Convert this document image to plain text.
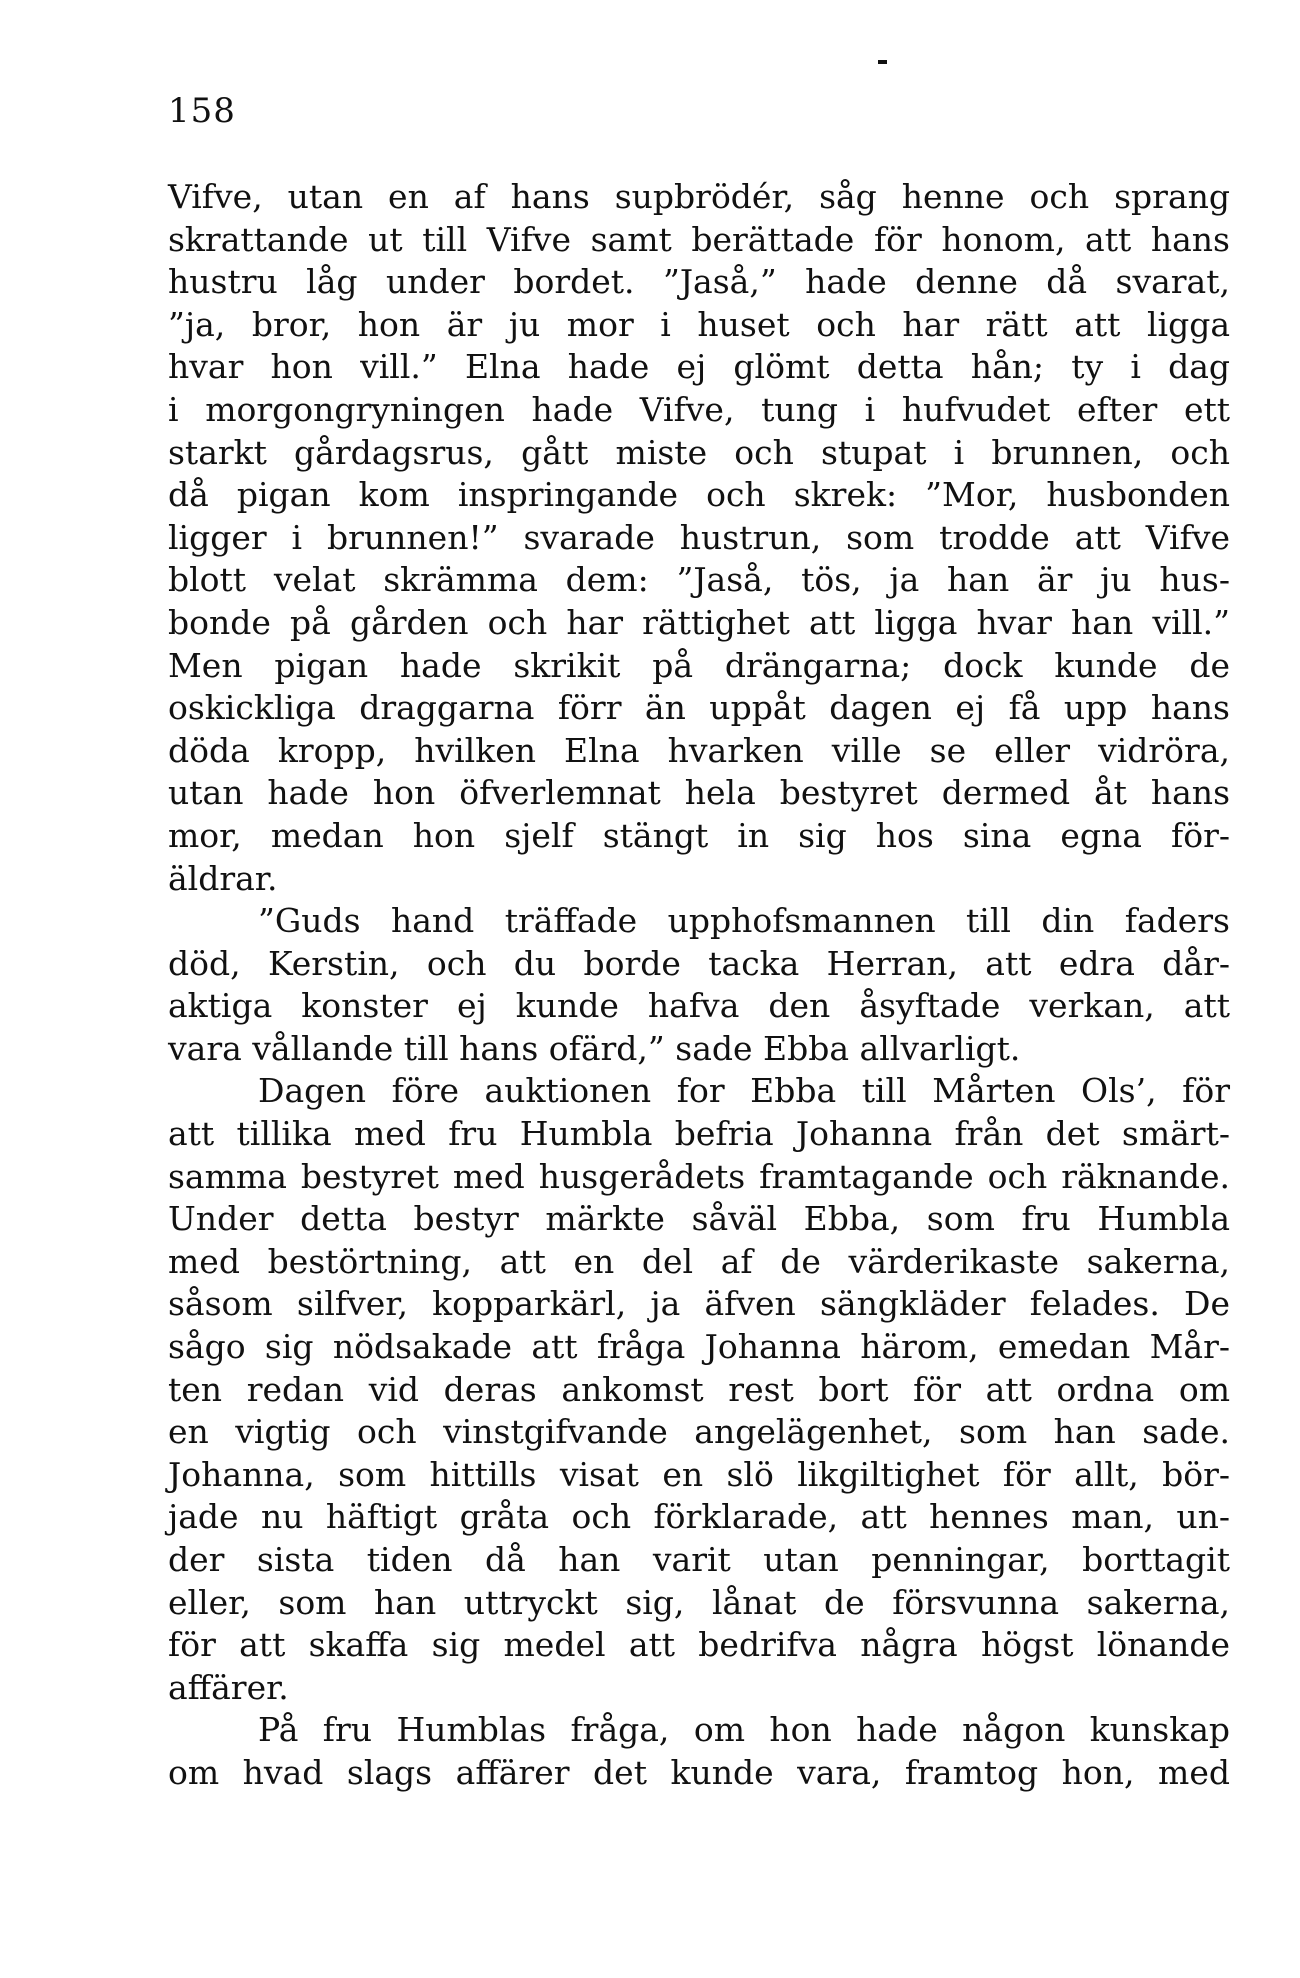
158
Vifve, utan en af hans supbrödér, såg henne och sprang
skrattande ut till Vifve samt berättade för honom, att hans
hustru låg under bordet. ”Jaså,” hade denne då svarat,
”ja, bror, hon är ju mor i huset och har rätt att ligga
hvar hon vill.” Elna hade ej glömt detta hån; ty i dag
i morgongryningen hade Vifve, tung i hufvudet efter ett
starkt gårdagsrus, gått miste och stupat i brunnen, och
då pigan kom inspringande och skrek: ”Mor, husbonden
ligger i brunnen!” svarade hustrun, som trodde att Vifve
blott velat skrämma dem: ”Jaså, tös, ja han är ju hus-
bonde på gården och har rättighet att ligga hvar han vill.”
Men pigan hade skrikit på drängarna; dock kunde de
oskickliga draggarna förr än uppåt dagen ej få upp hans
döda kropp, hvilken Elna hvarken ville se eller vidröra,
utan hade hon öfverlemnat hela bestyret dermed åt hans
mor, medan hon sjelf stängt in sig hos sina egna för-
äldrar.
”Guds hand träffade upphofsmannen till din faders
död, Kerstin, och du borde tacka Herran, att edra dår-
aktiga konster ej kunde hafva den åsyftade verkan, att
vara vållande till hans ofärd,” sade Ebba allvarligt.
Dagen före auktionen for Ebba till Mårten Ols’, för
att tillika med fru Humbla befria Johanna från det smärt-
samma bestyret med husgerådets framtagande och räknande.
Under detta bestyr märkte såväl Ebba, som fru Humbla
med bestörtning, att en del af de värderikaste sakerna,
såsom silfver, kopparkärl, ja äfven sängkläder felades. De
sågo sig nödsakade att fråga Johanna härom, emedan Mår-
ten redan vid deras ankomst rest bort för att ordna om
en vigtig och vinstgifvande angelägenhet, som han sade.
Johanna, som hittills visat en slö likgiltighet för allt, bör-
jade nu häftigt gråta och förklarade, att hennes man, un-
der sista tiden då han varit utan penningar, borttagit
eller, som han uttryckt sig, lånat de försvunna sakerna,
för att skaffa sig medel att bedrifva några högst lönande
affärer.
På fru Humblas fråga, om hon hade någon kunskap
om hvad slags affärer det kunde vara, framtog hon, med
